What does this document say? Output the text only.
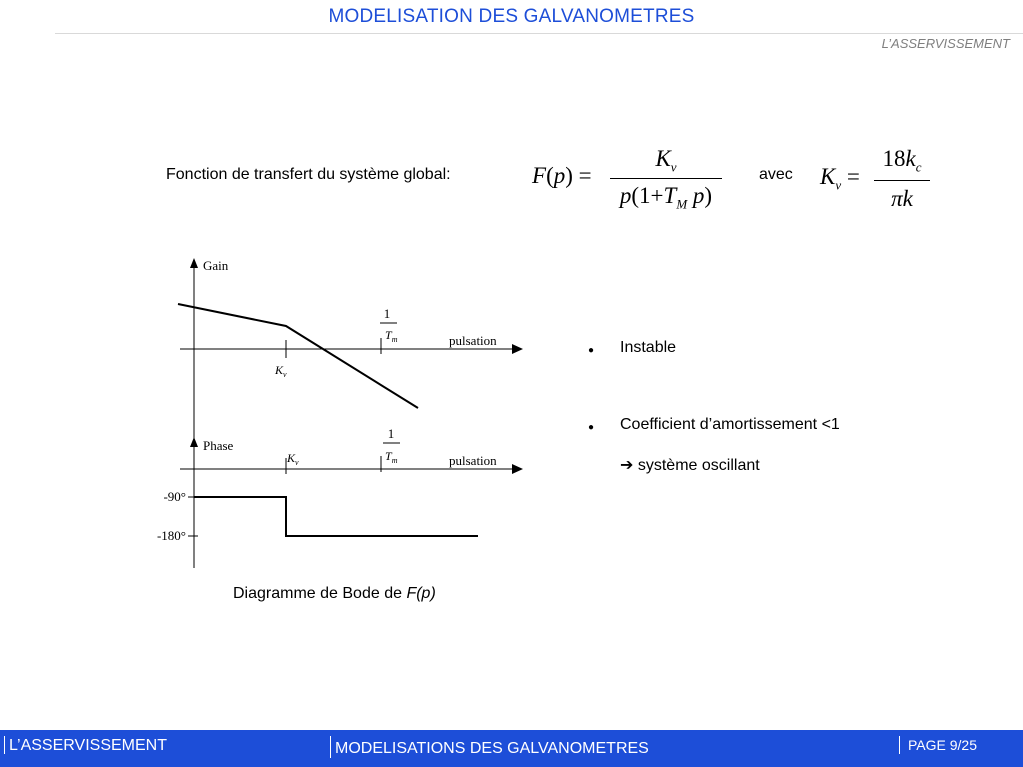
MODELISATION DES GALVANOMETRES
L’ASSERVISSEMENT
Fonction de transfert du système global:	F(p) =
$K_v$
$p(1+T_M$ p)
avec $K_v$ =
$18k_c$
πk
Gain
pulsation
$K_v$
1
$T_m$
Phase
pulsation
$K_v$
1
$T_m$
-90°
-180°
Diagramme de Bode de F(p)
● Instable
● Coefficient d’amortissement <1
➔ système oscillant
L’ASSERVISSEMENT	MODELISATIONS DES GALVANOMETRES	PAGE 9/25
